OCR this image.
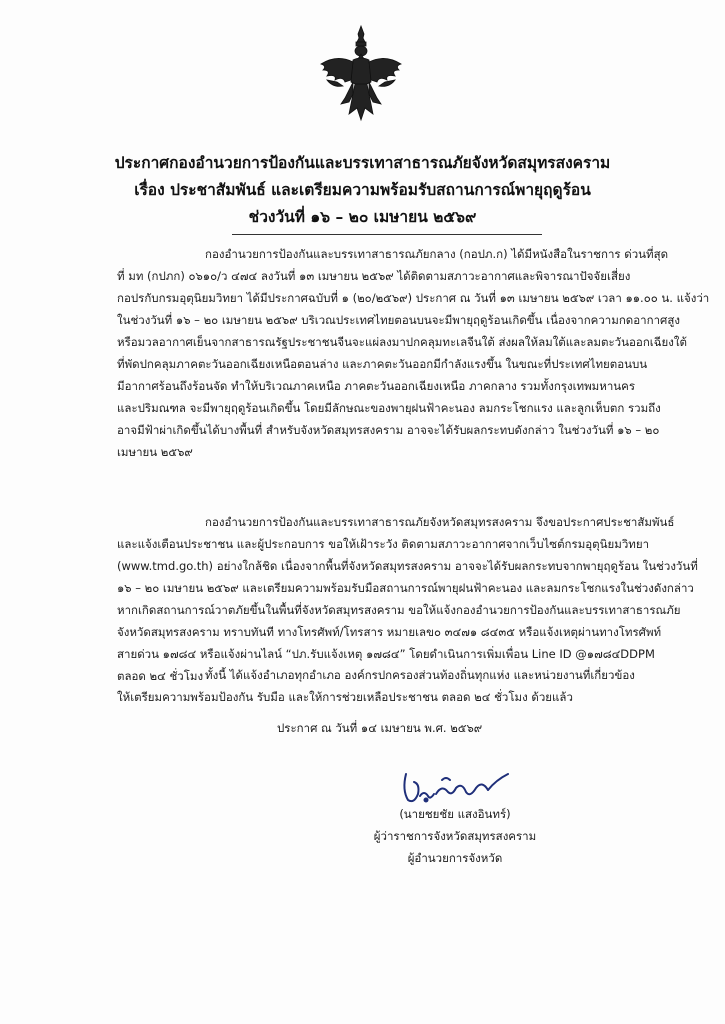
ประกาศกองอำนวยการป้องกันและบรรเทาสาธารณภัยจังหวัดสมุทรสงคราม
เรื่อง ประชาสัมพันธ์ และเตรียมความพร้อมรับสถานการณ์พายุฤดูร้อน
ช่วงวันที่ ๑๖ – ๒๐ เมษายน ๒๕๖๙
กองอำนวยการป้องกันและบรรเทาสาธารณภัยกลาง (กอปภ.ก) ได้มีหนังสือในราชการ ด่วนที่สุด
ที่ มท (กปภก) ๐๖๑๐/ว ๔๗๔ ลงวันที่ ๑๓ เมษายน ๒๕๖๙ ได้ติดตามสภาวะอากาศและพิจารณาปัจจัยเสี่ยง
กอปรกับกรมอุตุนิยมวิทยา ได้มีประกาศฉบับที่ ๑ (๒๐/๒๕๖๙) ประกาศ ณ วันที่ ๑๓ เมษายน ๒๕๖๙ เวลา ๑๑.๐๐ น. แจ้งว่า
ในช่วงวันที่ ๑๖ – ๒๐ เมษายน ๒๕๖๙ บริเวณประเทศไทยตอนบนจะมีพายุฤดูร้อนเกิดขึ้น เนื่องจากความกดอากาศสูง
หรือมวลอากาศเย็นจากสาธารณรัฐประชาชนจีนจะแผ่ลงมาปกคลุมทะเลจีนใต้ ส่งผลให้ลมใต้และลมตะวันออกเฉียงใต้
ที่พัดปกคลุมภาคตะวันออกเฉียงเหนือตอนล่าง และภาคตะวันออกมีกำลังแรงขึ้น ในขณะที่ประเทศไทยตอนบน
มีอากาศร้อนถึงร้อนจัด ทำให้บริเวณภาคเหนือ ภาคตะวันออกเฉียงเหนือ ภาคกลาง รวมทั้งกรุงเทพมหานคร
และปริมณฑล จะมีพายุฤดูร้อนเกิดขึ้น โดยมีลักษณะของพายุฝนฟ้าคะนอง ลมกระโชกแรง และลูกเห็บตก รวมถึง
อาจมีฟ้าผ่าเกิดขึ้นได้บางพื้นที่ สำหรับจังหวัดสมุทรสงคราม อาจจะได้รับผลกระทบดังกล่าว ในช่วงวันที่ ๑๖ – ๒๐
เมษายน ๒๕๖๙
กองอำนวยการป้องกันและบรรเทาสาธารณภัยจังหวัดสมุทรสงคราม จึงขอประกาศประชาสัมพันธ์
และแจ้งเตือนประชาชน และผู้ประกอบการ ขอให้เฝ้าระวัง ติดตามสภาวะอากาศจากเว็บไซต์กรมอุตุนิยมวิทยา
(www.tmd.go.th) อย่างใกล้ชิด เนื่องจากพื้นที่จังหวัดสมุทรสงคราม อาจจะได้รับผลกระทบจากพายุฤดูร้อน ในช่วงวันที่
๑๖ – ๒๐ เมษายน ๒๕๖๙ และเตรียมความพร้อมรับมือสถานการณ์พายุฝนฟ้าคะนอง และลมกระโชกแรงในช่วงดังกล่าว
หากเกิดสถานการณ์วาตภัยขึ้นในพื้นที่จังหวัดสมุทรสงคราม ขอให้แจ้งกองอำนวยการป้องกันและบรรเทาสาธารณภัย
จังหวัดสมุทรสงคราม ทราบทันที ทางโทรศัพท์/โทรสาร หมายเลข๐ ๓๔๗๑ ๘๔๓๕ หรือแจ้งเหตุผ่านทางโทรศัพท์
สายด่วน ๑๗๘๔ หรือแจ้งผ่านไลน์ “ปภ.รับแจ้งเหตุ ๑๗๘๔” โดยดำเนินการเพิ่มเพื่อน Line ID @๑๗๘๔DDPM
ตลอด ๒๔ ชั่วโมง ทั้งนี้ ได้แจ้งอำเภอทุกอำเภอ องค์กรปกครองส่วนท้องถิ่นทุกแห่ง และหน่วยงานที่เกี่ยวข้อง
ให้เตรียมความพร้อมป้องกัน รับมือ และให้การช่วยเหลือประชาชน ตลอด ๒๔ ชั่วโมง ด้วยแล้ว
ประกาศ ณ วันที่ ๑๔ เมษายน พ.ศ. ๒๕๖๙
(นายชยชัย แสงอินทร์)
ผู้ว่าราชการจังหวัดสมุทรสงคราม
ผู้อำนวยการจังหวัด
